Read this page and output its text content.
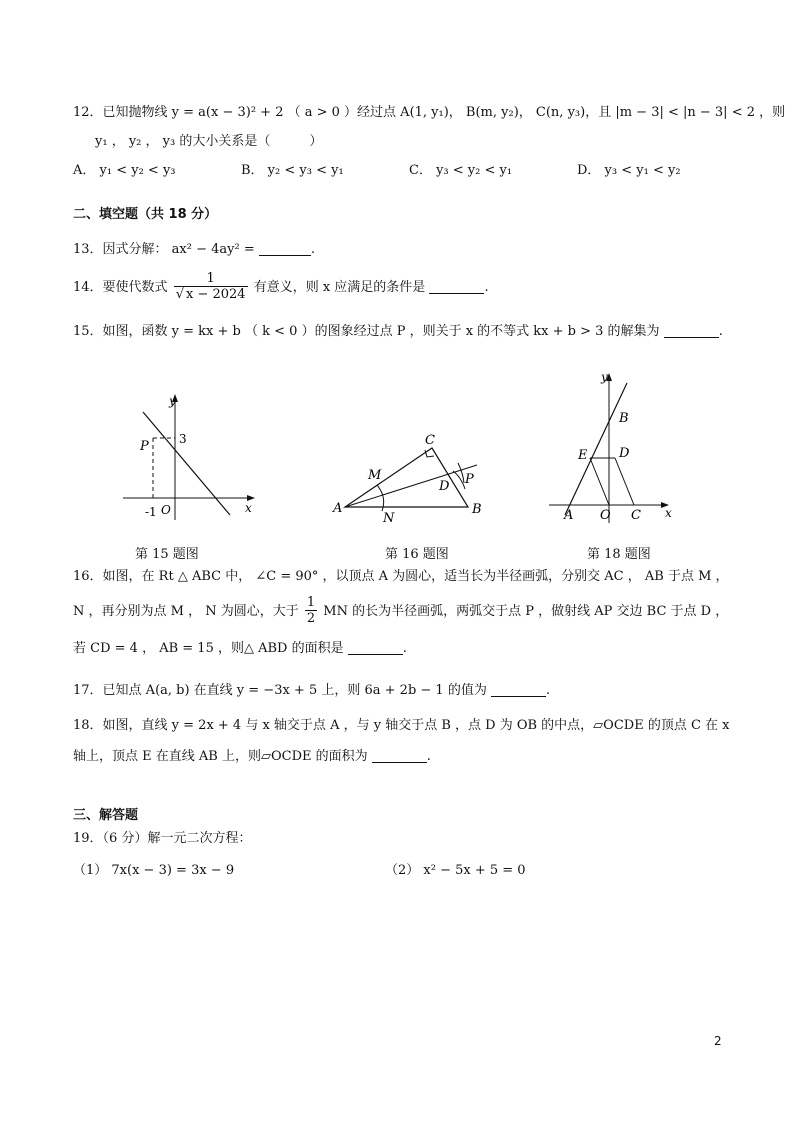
12．已知抛物线 y = a(x − 3)² + 2 （ a > 0 ）经过点 A(1, y₁)， B(m, y₂)， C(n, y₃)，且 |m − 3| < |n − 3| < 2 ，则
y₁ ， y₂ ， y₃ 的大小关系是（　　　）
A． y₁ < y₂ < y₃	B． y₂ < y₃ < y₁	C． y₃ < y₂ < y₁	D． y₃ < y₁ < y₂
二、填空题（共 18 分）
13．因式分解： ax² − 4ay² =	.
14．要使代数式 $\frac{1}{√ x - 2024}$ 有意义，则 x 应满足的条件是	.
15．如图，函数 y = kx + b （ k < 0 ）的图象经过点 P ，则关于 x 的不等式 kx + b > 3 的解集为	.
y
x
P	3
-1 O
第 15 题图
A	B
C
D
M
N
P
第 16 题图
y
x
B
D
E
A O C
第 18 题图
16．如图，在 Rt △ ABC 中， ∠C = 90° ，以顶点 A 为圆心，适当长为半径画弧，分别交 AC ， AB 于点 M ，
N ，再分别为点 M ， N 为圆心，大于 $\frac{1}{2}$ MN 的长为半径画弧，两弧交于点 P ，做射线 AP 交边 BC 于点 D ，
若 CD = 4 ， AB = 15 ，则△ ABD 的面积是	.
17．已知点 A(a, b) 在直线 y = −3x + 5 上，则 6a + 2b − 1 的值为	.
18．如图，直线 y = 2x + 4 与 x 轴交于点 A ，与 y 轴交于点 B ，点 D 为 OB 的中点，▱OCDE 的顶点 C 在 x
轴上，顶点 E 在直线 AB 上，则▱OCDE 的面积为	.
三、解答题
19．（6 分）解一元二次方程：
（1） 7x(x − 3) = 3x − 9	（2） x² − 5x + 5 = 0
2
